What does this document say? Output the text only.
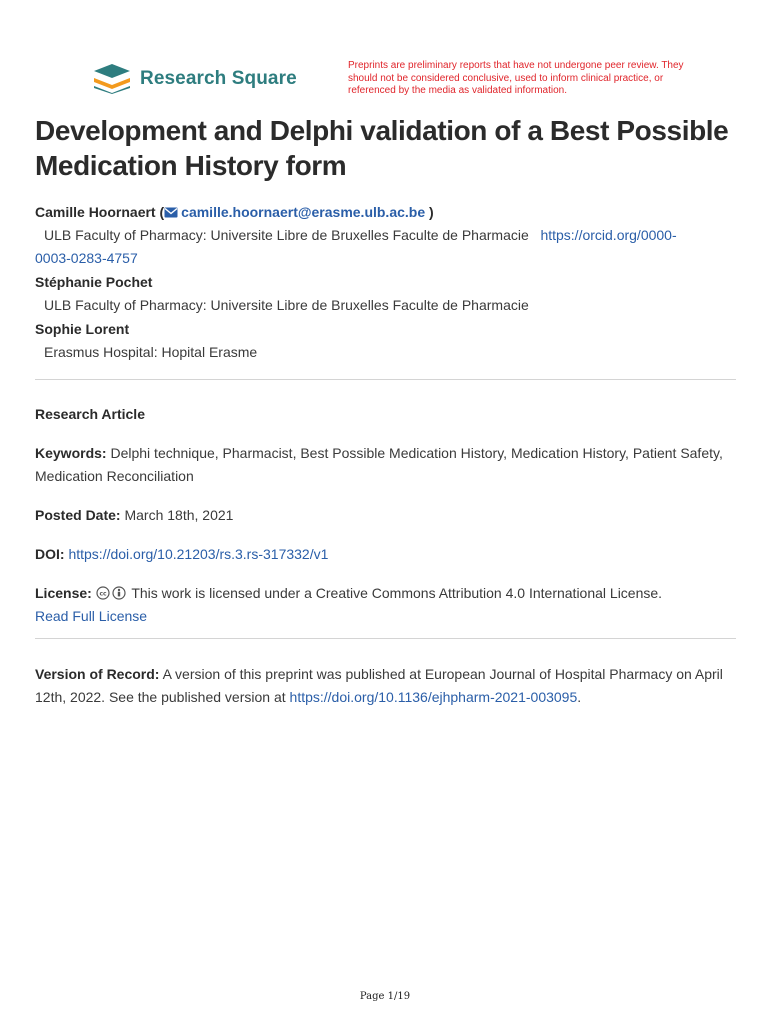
Research Square
Preprints are preliminary reports that have not undergone peer review. They should not be considered conclusive, used to inform clinical practice, or referenced by the media as validated information.
Development and Delphi validation of a Best Possible Medication History form
Camille Hoornaert ( camille.hoornaert@erasme.ulb.ac.be )
ULB Faculty of Pharmacy: Universite Libre de Bruxelles Faculte de Pharmacie https://orcid.org/0000-
0003-0283-4757
Stéphanie Pochet
ULB Faculty of Pharmacy: Universite Libre de Bruxelles Faculte de Pharmacie
Sophie Lorent
Erasmus Hospital: Hopital Erasme
Research Article
Keywords: Delphi technique, Pharmacist, Best Possible Medication History, Medication History, Patient Safety, Medication Reconciliation
Posted Date: March 18th, 2021
DOI: https://doi.org/10.21203/rs.3.rs-317332/v1
License: cc This work is licensed under a Creative Commons Attribution 4.0 International License.
Read Full License
Version of Record: A version of this preprint was published at European Journal of Hospital Pharmacy on April 12th, 2022. See the published version at https://doi.org/10.1136/ejhpharm-2021-003095.
Page 1/19
